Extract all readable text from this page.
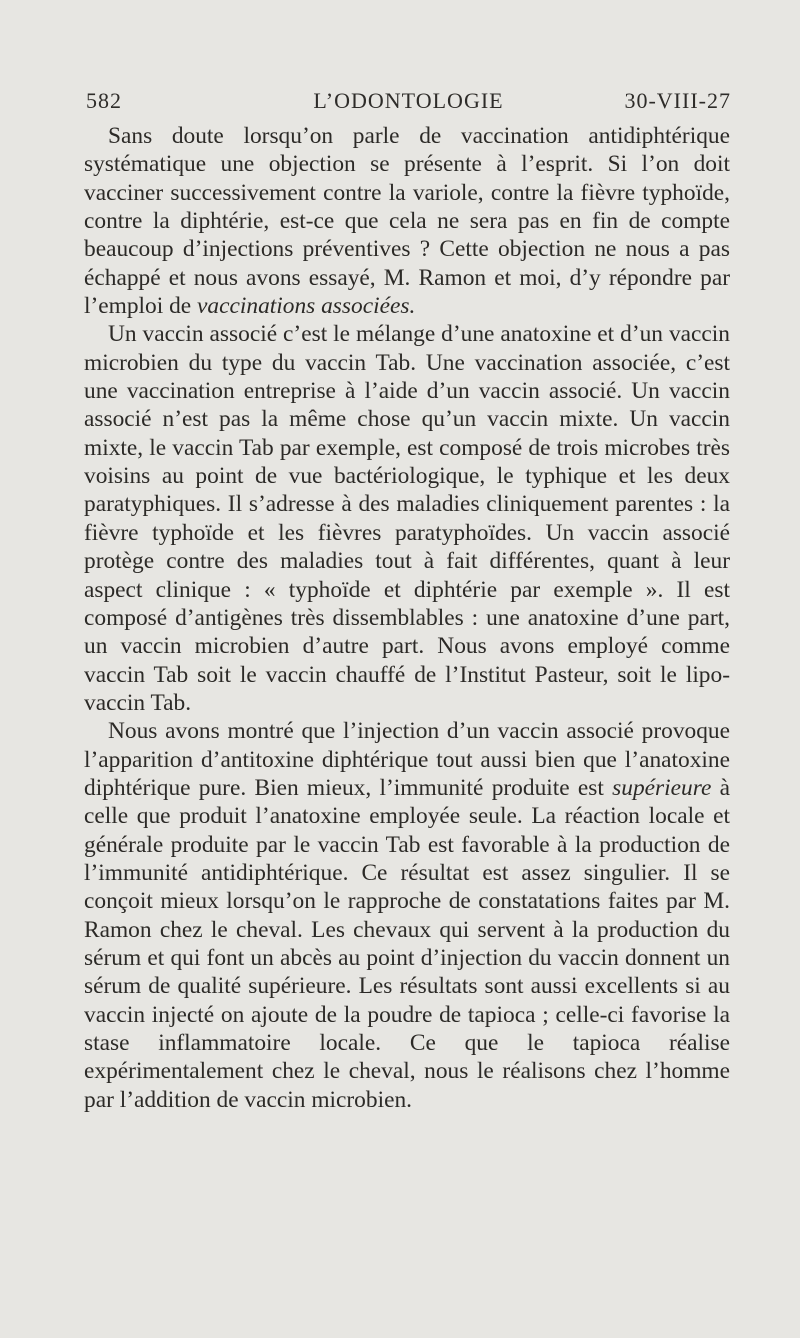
582	L’ODONTOLOGIE	30-VIII-27

Sans doute lorsqu’on parle de vaccination antidiphtérique systématique une objection se présente à l’esprit. Si l’on doit vacciner successivement contre la variole, contre la fièvre typhoïde, contre la diphtérie, est-ce que cela ne sera pas en fin de compte beaucoup d’injections préventives ? Cette objection ne nous a pas échappé et nous avons essayé, M. Ramon et moi, d’y répondre par l’emploi de vaccinations associées.

Un vaccin associé c’est le mélange d’une anatoxine et d’un vaccin microbien du type du vaccin Tab. Une vaccination associée, c’est une vaccination entreprise à l’aide d’un vaccin associé. Un vaccin associé n’est pas la même chose qu’un vaccin mixte. Un vaccin mixte, le vaccin Tab par exemple, est composé de trois microbes très voisins au point de vue bactériologique, le typhique et les deux paratyphiques. Il s’adresse à des maladies cliniquement parentes : la fièvre typhoïde et les fièvres paratyphoïdes. Un vaccin associé protège contre des maladies tout à fait différentes, quant à leur aspect clinique : « typhoïde et diphtérie par exemple ». Il est composé d’antigènes très dissemblables : une anatoxine d’une part, un vaccin microbien d’autre part. Nous avons employé comme vaccin Tab soit le vaccin chauffé de l’Institut Pasteur, soit le lipo-vaccin Tab.

Nous avons montré que l’injection d’un vaccin associé provoque l’apparition d’antitoxine diphtérique tout aussi bien que l’anatoxine diphtérique pure. Bien mieux, l’immunité produite est supérieure à celle que produit l’anatoxine employée seule. La réaction locale et générale produite par le vaccin Tab est favorable à la production de l’immunité antidiphtérique. Ce résultat est assez singulier. Il se conçoit mieux lorsqu’on le rapproche de constatations faites par M. Ramon chez le cheval. Les chevaux qui servent à la production du sérum et qui font un abcès au point d’injection du vaccin donnent un sérum de qualité supérieure. Les résultats sont aussi excellents si au vaccin injecté on ajoute de la poudre de tapioca ; celle-ci favorise la stase inflammatoire locale. Ce que le tapioca réalise expérimentalement chez le cheval, nous le réalisons chez l’homme par l’addition de vaccin microbien.
